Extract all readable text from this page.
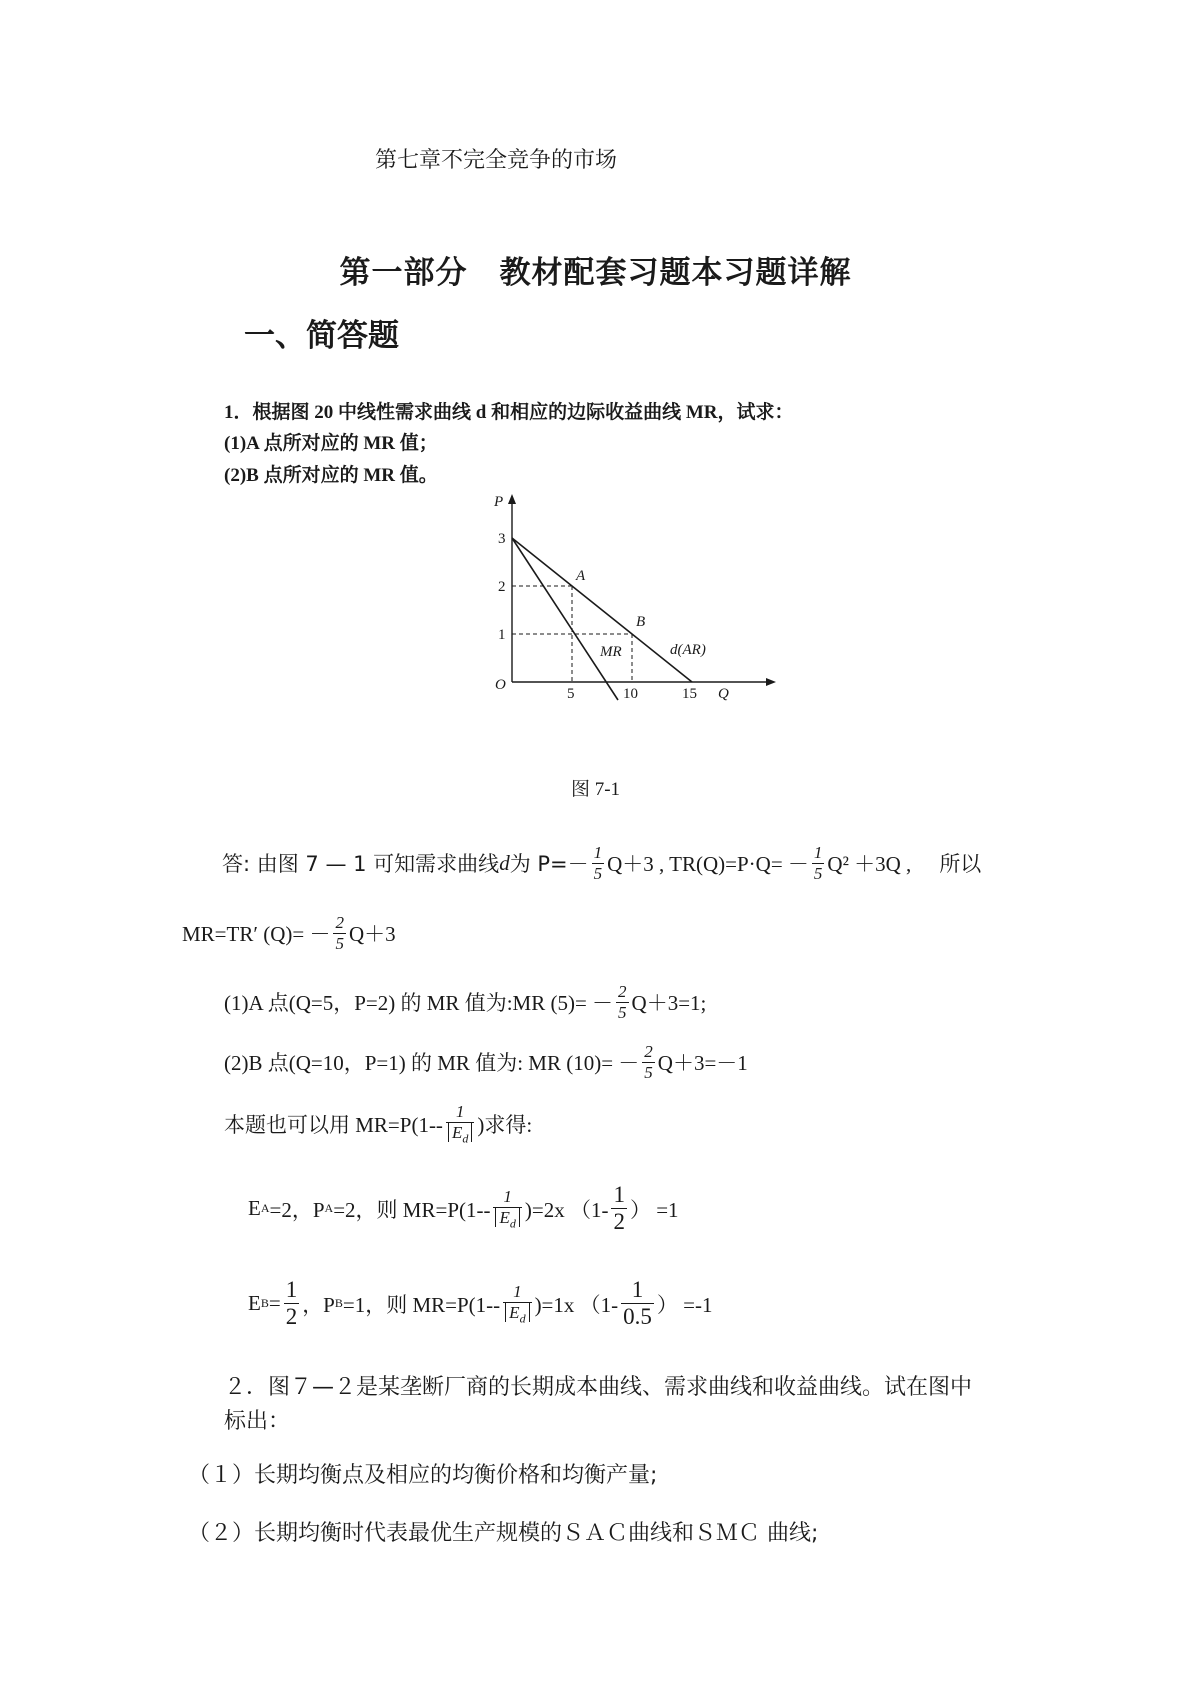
第七章不完全竞争的市场
第一部分　教材配套习题本习题详解
一、简答题
1．根据图 20 中线性需求曲线 d 和相应的边际收益曲线 MR，试求：
(1)A 点所对应的 MR 值；
(2)B 点所对应的 MR 值。
P
3
2
1
O
5	10	15 Q
A
B
MR	d(AR)
图 7-1
答: 由图 7 — 1 可知需求曲线 d 为 $P=- \frac{1}{5} Q+3$ , $TR(Q)=P\cdot Q= - \frac{1}{5} Q^2 +3Q$ , 所以
MR=TR′ $(Q)= - \frac{2}{5} Q+3$
(1)A 点(Q=5，P=2) 的 MR 值为:MR $(5)= - \frac{2}{5} Q+3=1$;
(2)B 点(Q=10，P=1) 的 MR 值为: MR $(10)= - \frac{2}{5} Q+3=-1$
本题也可以用 $MR=P(1-- \frac{1}{E_d}$ )求得:
E A =2，P A =2，则 $MR=P(1-- \frac{1}{E_d} )=2x$ （$1- \frac{1}{2}$ ） =1
E $B = \frac{1}{2}$ ，P B =1，则 $MR=P(1-- \frac{1}{E_d} )=1x$ （$1- \frac{1}{0.5}$ ） =-1
２．图７—２是某垄断厂商的长期成本曲线、需求曲线和收益曲线。试在图中
标出：
（１）长期均衡点及相应的均衡价格和均衡产量;
（２）长期均衡时代表最优生产规模的ＳＡＣ曲线和ＳＭＣ 曲线;
